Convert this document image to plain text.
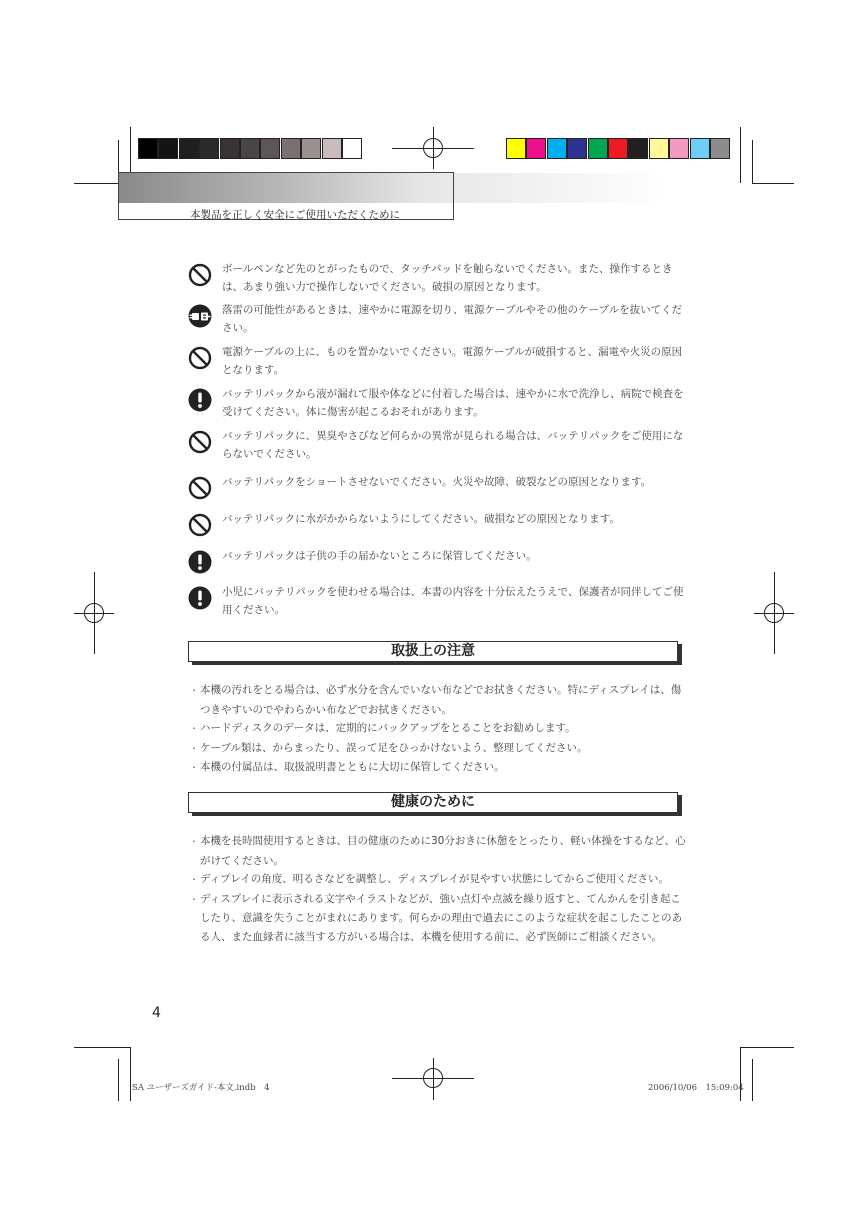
本製品を正しく安全にご使用いただくために
ボールペンなど先のとがったもので、タッチパッドを触らないでください。また、操作するときは、あまり強い力で操作しないでください。破損の原因となります。
落雷の可能性があるときは、速やかに電源を切り、電源ケーブルやその他のケーブルを抜いてください。
電源ケーブルの上に、ものを置かないでください。電源ケーブルが破損すると、漏電や火災の原因となります。
バッテリパックから液が漏れて服や体などに付着した場合は、速やかに水で洗浄し、病院で検査を受けてください。体に傷害が起こるおそれがあります。
バッテリパックに、異臭やさびなど何らかの異常が見られる場合は、バッテリパックをご使用にならないでください。
バッテリパックをショートさせないでください。火災や故障、破裂などの原因となります。
バッテリパックに水がかからないようにしてください。破損などの原因となります。
バッテリパックは子供の手の届かないところに保管してください。
小児にバッテリパックを使わせる場合は、本書の内容を十分伝えたうえで、保護者が同伴してご使用ください。
取扱上の注意
・ 本機の汚れをとる場合は、必ず水分を含んでいない布などでお拭きください。特にディスプレイは、傷つきやすいのでやわらかい布などでお拭きください。
・ ハードディスクのデータは、定期的にバックアップをとることをお勧めします。
・ ケーブル類は、からまったり、誤って足をひっかけないよう、整理してください。
・ 本機の付属品は、取扱説明書とともに大切に保管してください。
健康のために
・ 本機を長時間使用するときは、目の健康のために30分おきに休憩をとったり、軽い体操をするなど、心がけてください。
・ ディプレイの角度、明るさなどを調整し、ディスプレイが見やすい状態にしてからご使用ください。
・ ディスプレイに表示される文字やイラストなどが、強い点灯や点滅を繰り返すと、てんかんを引き起こしたり、意識を失うことがまれにあります。何らかの理由で過去にこのような症状を起こしたことのある人、また血縁者に該当する方がいる場合は、本機を使用する前に、必ず医師にご相談ください。
4
SA ユーザーズガイド-本文.indb　4	2006/10/06　15:09:04
